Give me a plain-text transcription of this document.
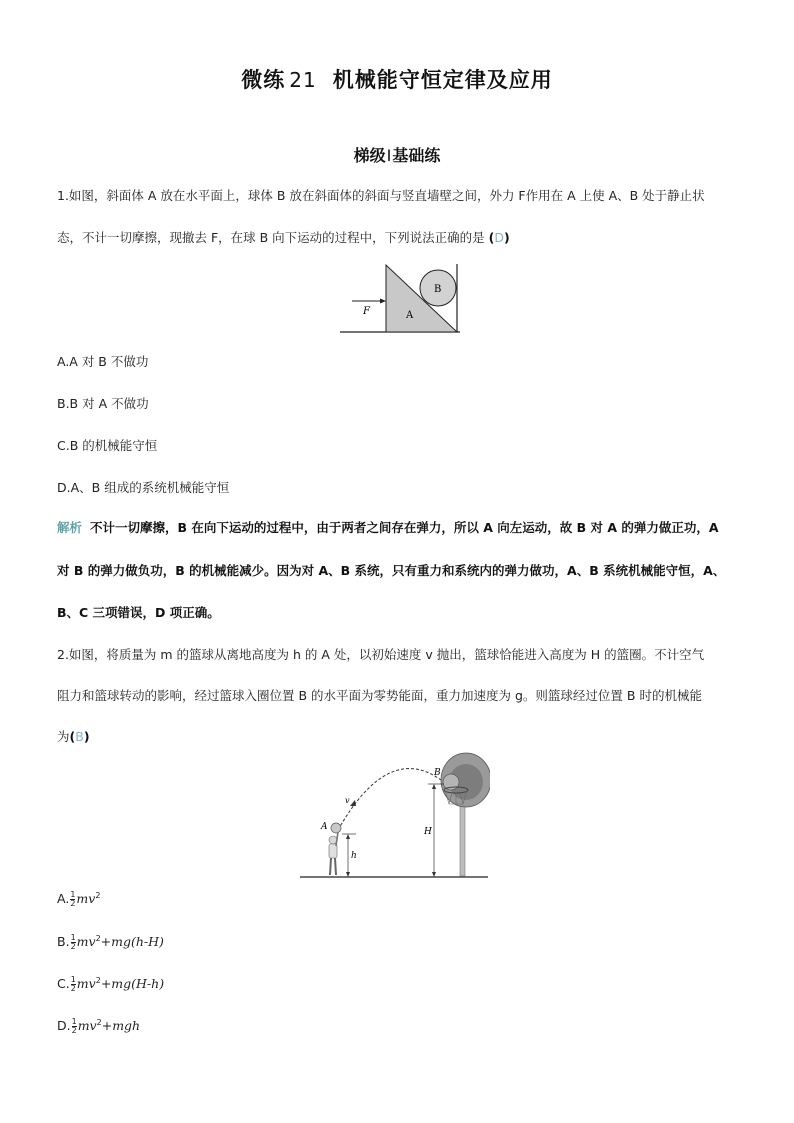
微练 21 机械能守恒定律及应用
梯级Ⅰ基础练
1.如图，斜面体 A 放在水平面上，球体 B 放在斜面体的斜面与竖直墙壁之间，外力 F作用在 A 上使 A、B 处于静止状
态，不计一切摩擦，现撤去 F，在球 B 向下运动的过程中，下列说法正确的是 (D)
F	A
B
A.A 对 B 不做功
B.B 对 A 不做功
C.B 的机械能守恒
D.A、B 组成的系统机械能守恒
解析 不计一切摩擦，B 在向下运动的过程中，由于两者之间存在弹力，所以 A 向左运动，故 B 对 A 的弹力做正功，A
对 B 的弹力做负功，B 的机械能减少。因为对 A、B 系统，只有重力和系统内的弹力做功，A、B 系统机械能守恒，A、
B、C 三项错误，D 项正确。
2.如图，将质量为 m 的篮球从离地高度为 h 的 A 处，以初始速度 v 抛出，篮球恰能进入高度为 H 的篮圈。不计空气
阻力和篮球转动的影响，经过篮球入圈位置 B 的水平面为零势能面，重力加速度为 g。则篮球经过位置 B 时的机械能
为(B)
v
A
B
H
h
A. $\frac{1}{2} mv^2$
B. $\frac{1}{2} mv^2+mg(h-H)$
C. $\frac{1}{2} mv^2+mg(H-h)$
D. $\frac{1}{2} mv^2+mgh$
